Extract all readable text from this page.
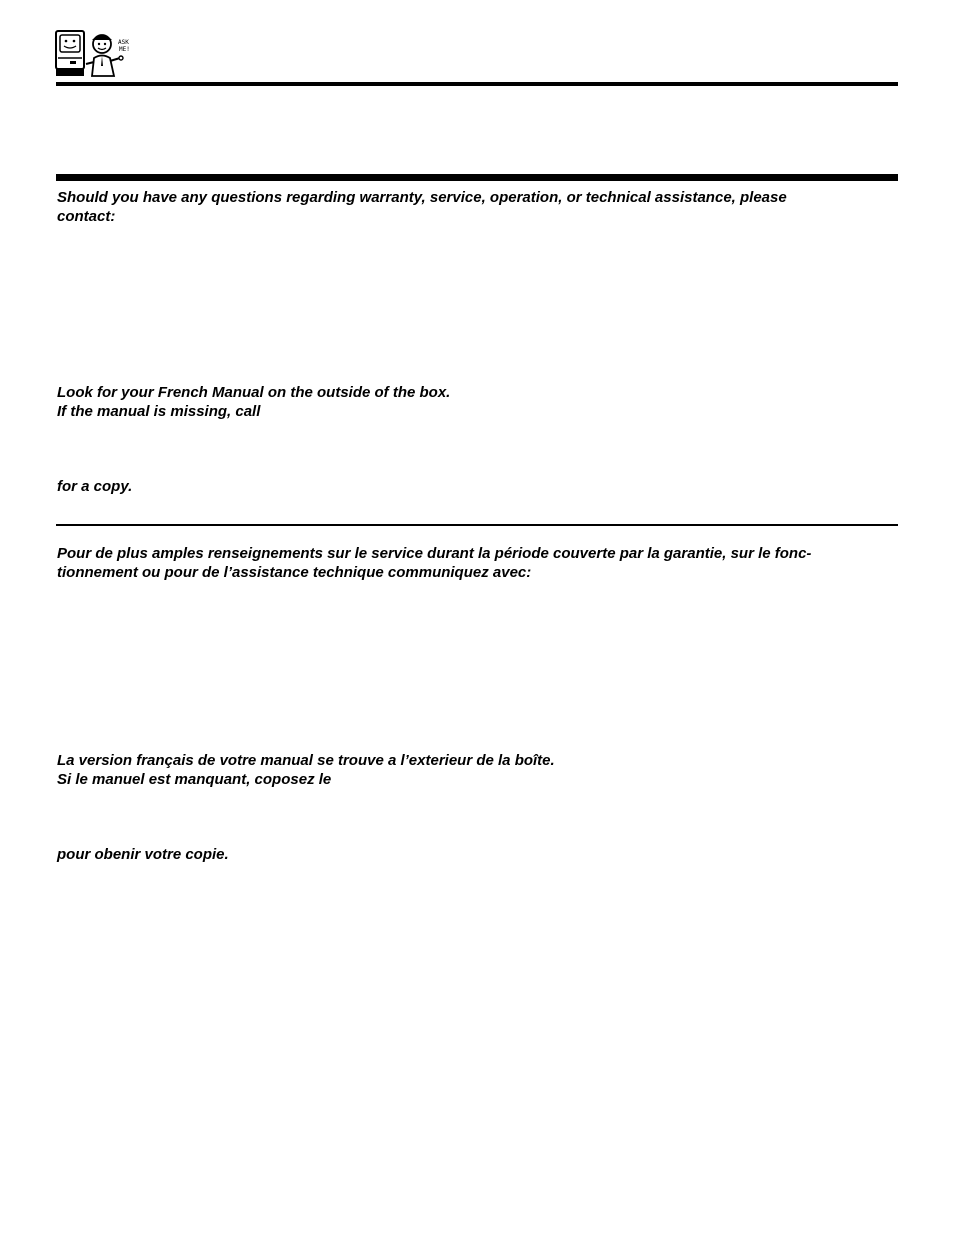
ASK
ME!

Should you have any questions regarding warranty, service, operation, or technical assistance, please

contact:

Look for your French Manual on the outside of the box.

If the manual is missing, call

for a copy.

Pour de plus amples renseignements sur le service durant la période couverte par la garantie, sur le fonc-

tionnement ou pour de l’assistance technique communiquez avec:

La version français de votre manual se trouve a l’exterieur de la boîte.

Si le manuel est manquant, coposez le

pour obenir votre copie.
